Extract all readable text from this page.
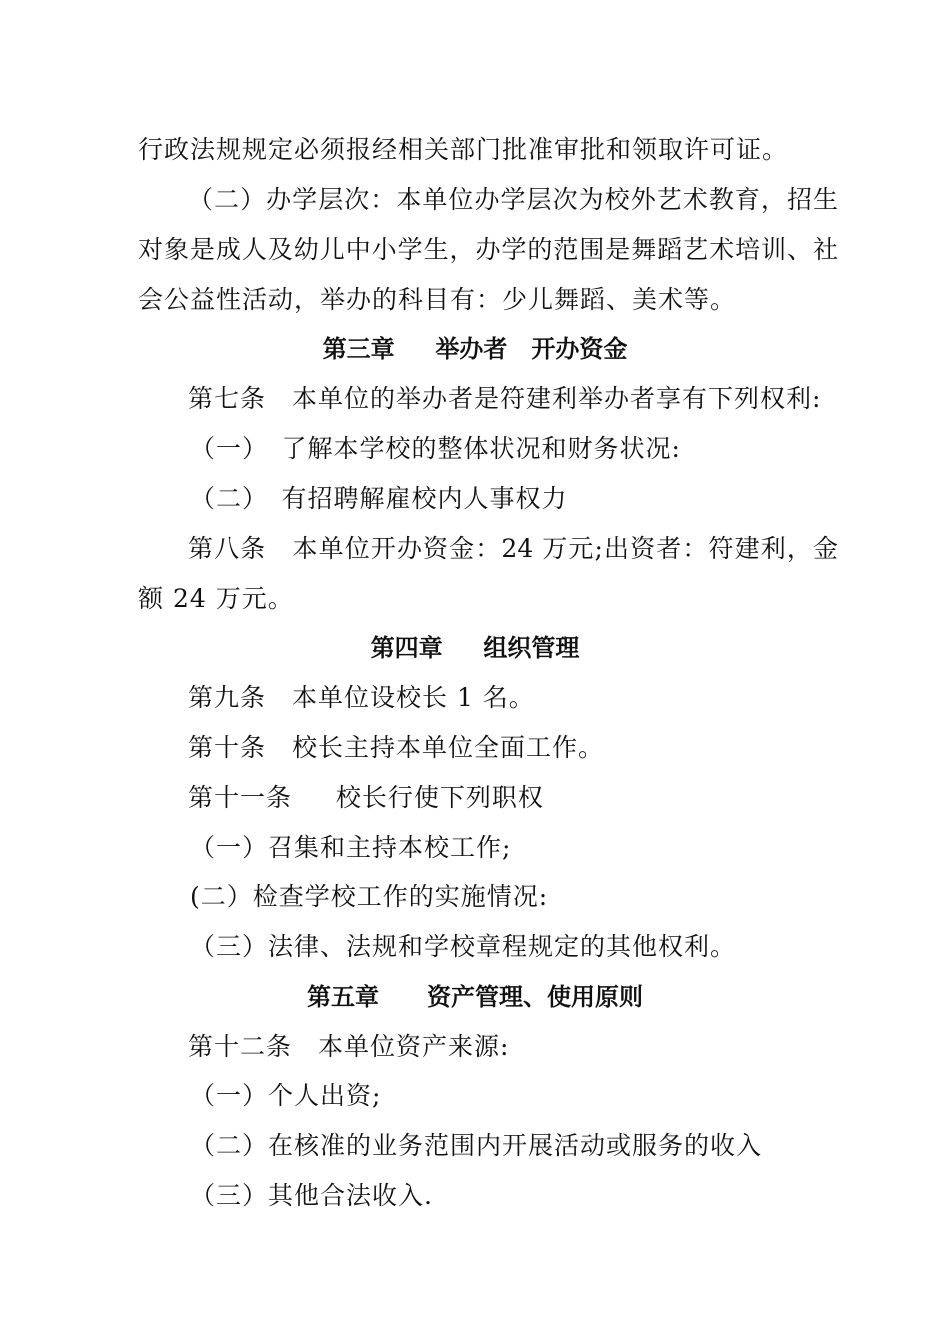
行政法规规定必须报经相关部门批准审批和领取许可证。
（二）办学层次：本单位办学层次为校外艺术教育，招生
对象是成人及幼儿中小学生，办学的范围是舞蹈艺术培训、社
会公益性活动，举办的科目有：少儿舞蹈、美术等。
第三章　  举办者　开办资金
第七条　本单位的举办者是符建利举办者享有下列权利:
（一）　了解本学校的整体状况和财务状况:
（二）　有招聘解雇校内人事权力
第八条　本单位开办资金：24 万元;出资者：符建利，金
额 24 万元。
第四章　  组织管理
第九条　本单位设校长 1 名。
第十条　校长主持本单位全面工作。
第十一条　  校长行使下列职权
（一）召集和主持本校工作;
(二）检查学校工作的实施情况:
（三）法律、法规和学校章程规定的其他权利。
第五章　　资产管理、使用原则
第十二条　本单位资产来源:
（一）个人出资;
（二）在核准的业务范围内开展活动或服务的收入
（三）其他合法收入.
